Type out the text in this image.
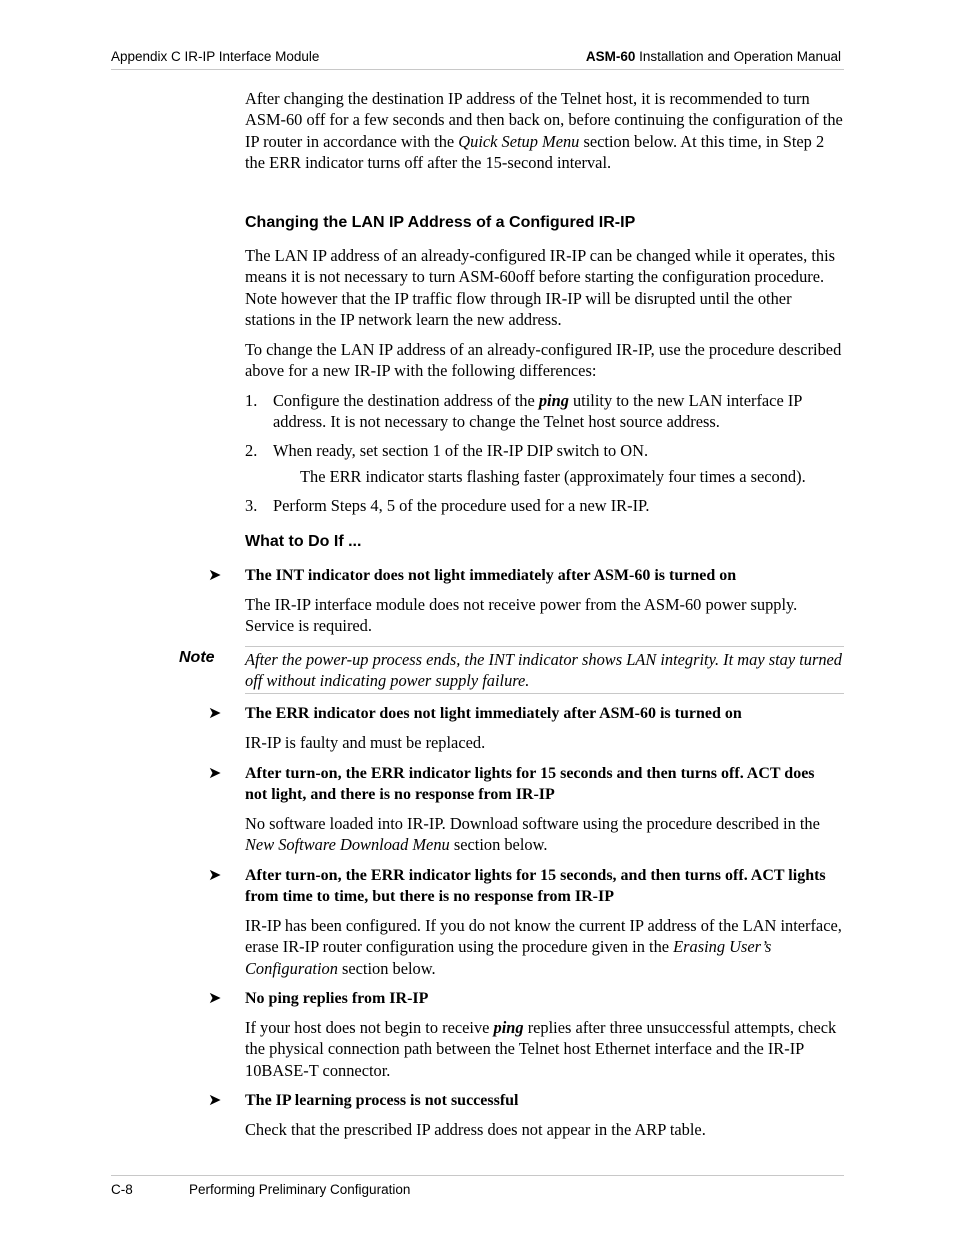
Appendix C IR-IP Interface Module	ASM-60 Installation and Operation Manual

After changing the destination IP address of the Telnet host, it is recommended to turn ASM-60 off for a few seconds and then back on, before continuing the configuration of the IP router in accordance with the Quick Setup Menu section below. At this time, in Step 2 the ERR indicator turns off after the 15-second interval.

Changing the LAN IP Address of a Configured IR-IP

The LAN IP address of an already-configured IR-IP can be changed while it operates, this means it is not necessary to turn ASM-60off before starting the configuration procedure. Note however that the IP traffic flow through IR-IP will be disrupted until the other stations in the IP network learn the new address.

To change the LAN IP address of an already-configured IR-IP, use the procedure described above for a new IR-IP with the following differences:

1. Configure the destination address of the ping utility to the new LAN interface IP address. It is not necessary to change the Telnet host source address.
2. When ready, set section 1 of the IR-IP DIP switch to ON.
The ERR indicator starts flashing faster (approximately four times a second).
3. Perform Steps 4, 5 of the procedure used for a new IR-IP.
What to Do If ...
➤ The INT indicator does not light immediately after ASM-60 is turned on
The IR-IP interface module does not receive power from the ASM-60 power supply. Service is required.
Note After the power-up process ends, the INT indicator shows LAN integrity. It may stay turned off without indicating power supply failure.
➤ The ERR indicator does not light immediately after ASM-60 is turned on
IR-IP is faulty and must be replaced.
➤ After turn-on, the ERR indicator lights for 15 seconds and then turns off. ACT does not light, and there is no response from IR-IP
No software loaded into IR-IP. Download software using the procedure described in the New Software Download Menu section below.
➤ After turn-on, the ERR indicator lights for 15 seconds, and then turns off. ACT lights from time to time, but there is no response from IR-IP
IR-IP has been configured. If you do not know the current IP address of the LAN interface, erase IR-IP router configuration using the procedure given in the Erasing User’s Configuration section below.
➤ No ping replies from IR-IP
If your host does not begin to receive ping replies after three unsuccessful attempts, check the physical connection path between the Telnet host Ethernet interface and the IR-IP 10BASE-T connector.
➤ The IP learning process is not successful
Check that the prescribed IP address does not appear in the ARP table.
C-8	Performing Preliminary Configuration
